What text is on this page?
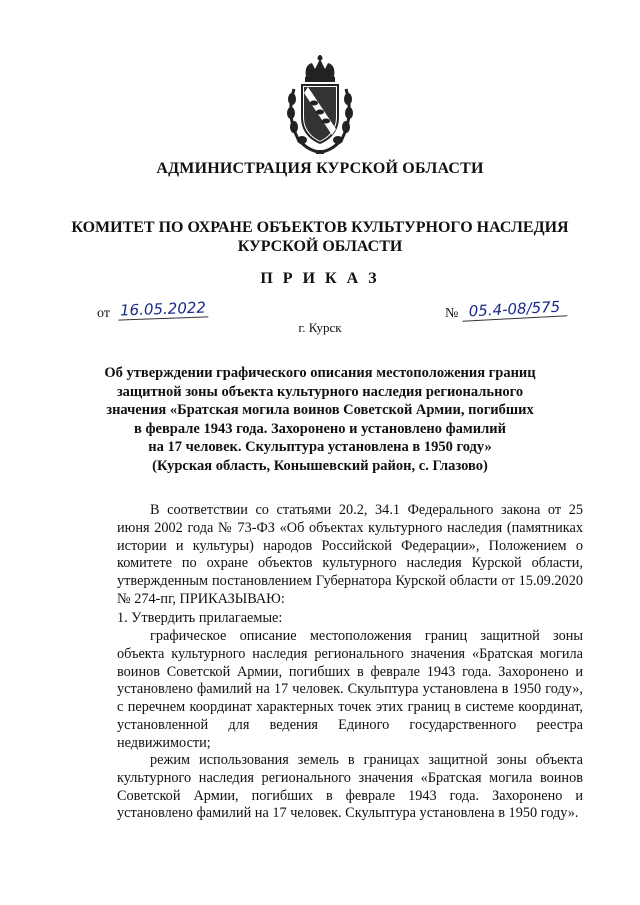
АДМИНИСТРАЦИЯ КУРСКОЙ ОБЛАСТИ
КОМИТЕТ ПО ОХРАНЕ ОБЪЕКТОВ КУЛЬТУРНОГО НАСЛЕДИЯ
КУРСКОЙ ОБЛАСТИ
П Р И К А З
от 16.05.2022	№ 05.4-08/575
г. Курск
Об утверждении графического описания местоположения границ
защитной зоны объекта культурного наследия регионального
значения «Братская могила воинов Советской Армии, погибших
в феврале 1943 года. Захоронено и установлено фамилий
на 17 человек. Скульптура установлена в 1950 году»
(Курская область, Конышевский район, с. Глазово)
В соответствии со статьями 20.2, 34.1 Федерального закона от 25 июня 2002 года № 73-ФЗ «Об объектах культурного наследия (памятниках истории и культуры) народов Российской Федерации», Положением о комитете по охране объектов культурного наследия Курской области, утвержденным постановлением Губернатора Курской области от 15.09.2020 № 274-пг, ПРИКАЗЫВАЮ:
1. Утвердить прилагаемые:
графическое описание местоположения границ защитной зоны объекта культурного наследия регионального значения «Братская могила воинов Советской Армии, погибших в феврале 1943 года. Захоронено и установлено фамилий на 17 человек. Скульптура установлена в 1950 году», с перечнем координат характерных точек этих границ в системе координат, установленной для ведения Единого государственного реестра недвижимости;
режим использования земель в границах защитной зоны объекта культурного наследия регионального значения «Братская могила воинов Советской Армии, погибших в феврале 1943 года. Захоронено и установлено фамилий на 17 человек. Скульптура установлена в 1950 году».
